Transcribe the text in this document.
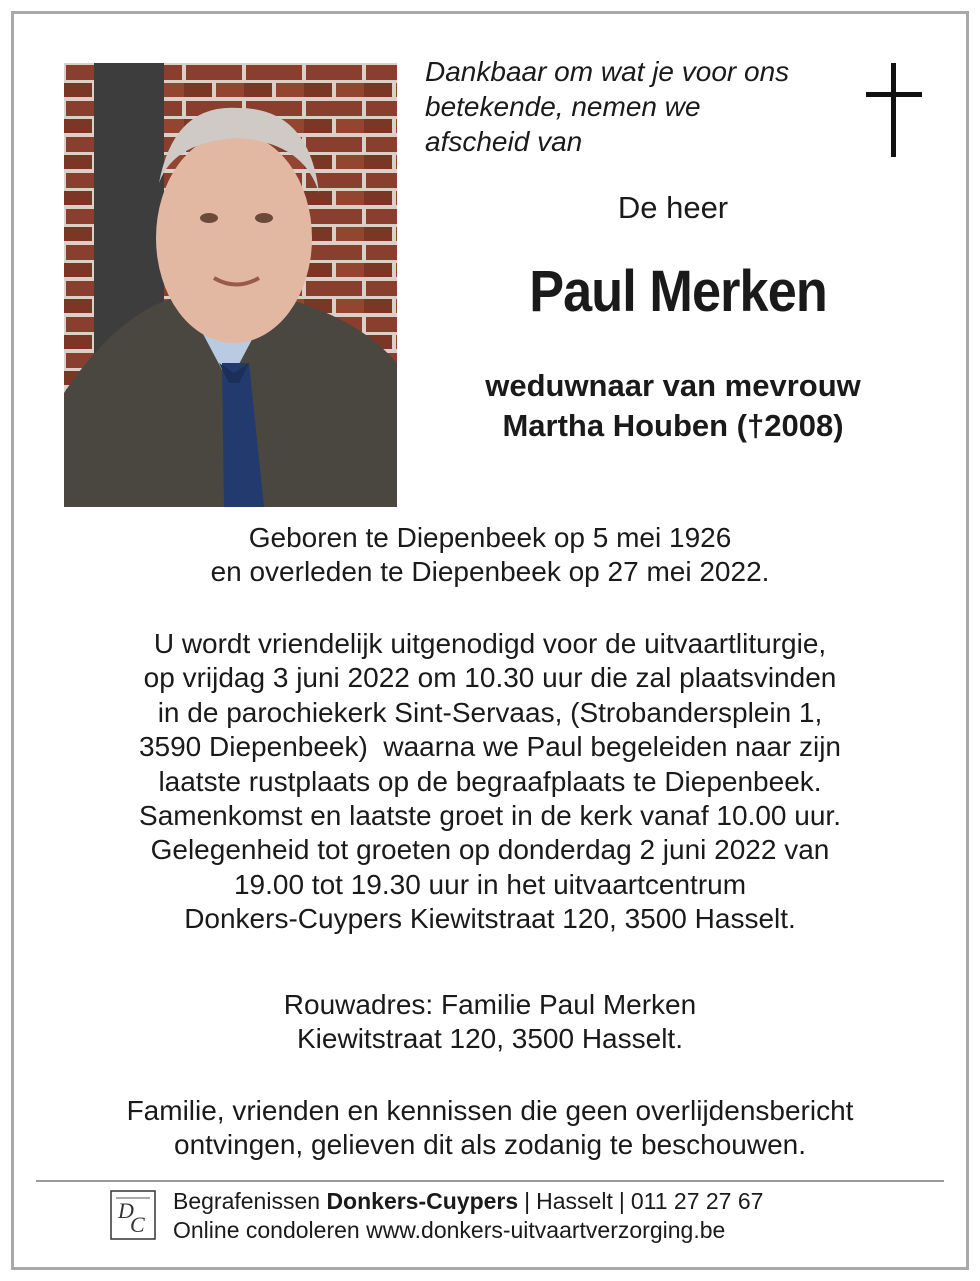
Dankbaar om wat je voor ons
betekende, nemen we
afscheid van
De heer
Paul Merken
weduwnaar van mevrouw
Martha Houben (†2008)
Geboren te Diepenbeek op 5 mei 1926
en overleden te Diepenbeek op 27 mei 2022.
U wordt vriendelijk uitgenodigd voor de uitvaartliturgie,
op vrijdag 3 juni 2022 om 10.30 uur die zal plaatsvinden
in de parochiekerk Sint-Servaas, (Strobandersplein 1,
3590 Diepenbeek)  waarna we Paul begeleiden naar zijn
laatste rustplaats op de begraafplaats te Diepenbeek.
Samenkomst en laatste groet in de kerk vanaf 10.00 uur.
Gelegenheid tot groeten op donderdag 2 juni 2022 van
19.00 tot 19.30 uur in het uitvaartcentrum
Donkers-Cuypers Kiewitstraat 120, 3500 Hasselt.
Rouwadres: Familie Paul Merken
Kiewitstraat 120, 3500 Hasselt.
Familie, vrienden en kennissen die geen overlijdensbericht
ontvingen, gelieven dit als zodanig te beschouwen.
D
C
Begrafenissen Donkers-Cuypers | Hasselt | 011 27 27 67
Online condoleren www.donkers-uitvaartverzorging.be
